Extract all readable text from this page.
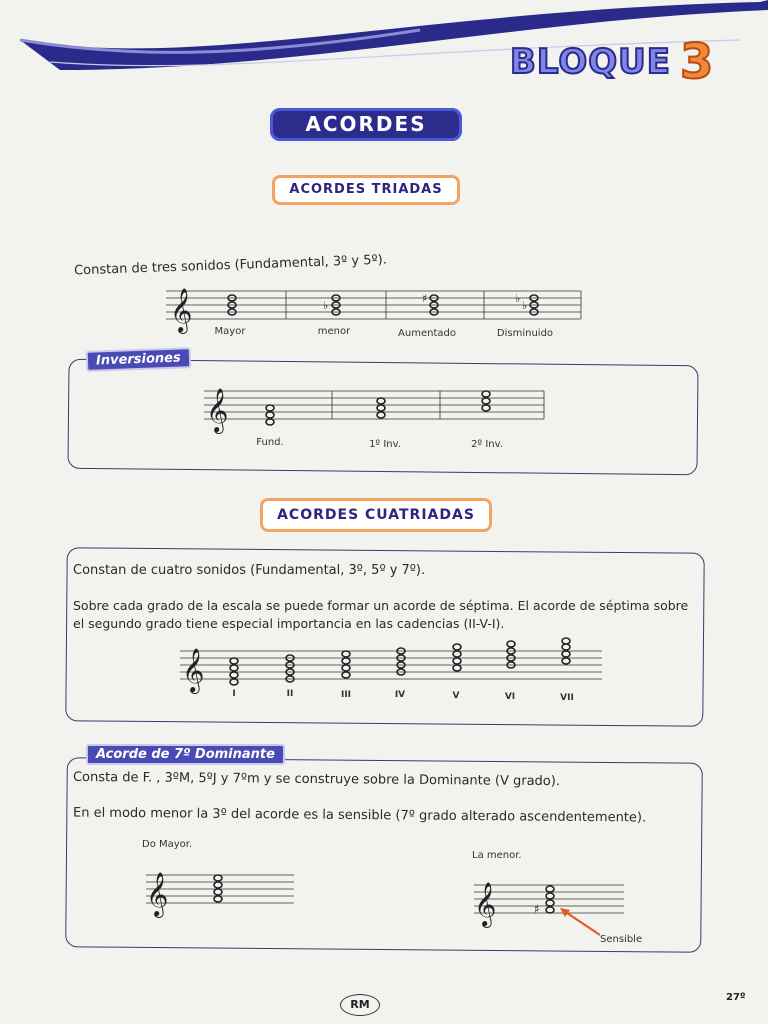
BLOQUE 3
ACORDES
ACORDES TRIADAS
Constan de tres sonidos (Fundamental, 3º y 5º).
𝄞	♭
♯	♭
♭
Mayor	menor	Aumentado	Disminuido
Inversiones
𝄞
Fund.	1º Inv.	2º Inv.
ACORDES CUATRIADAS
Constan de cuatro sonidos (Fundamental, 3º, 5º y 7º).
Sobre cada grado de la escala se puede formar un acorde de séptima. El acorde de séptima sobre
el segundo grado tiene especial importancia en las cadencias (II-V-I).
𝄞
I	II	III	IV	V	VI	VII
Acorde de 7º Dominante
Consta de F. , 3ºM, 5ºJ y 7ºm y se construye sobre la Dominante (V grado).
En el modo menor la 3º del acorde es la sensible (7º grado alterado ascendentemente).
Do Mayor.
La menor.
𝄞	𝄞	♯
Sensible
RM
27º
